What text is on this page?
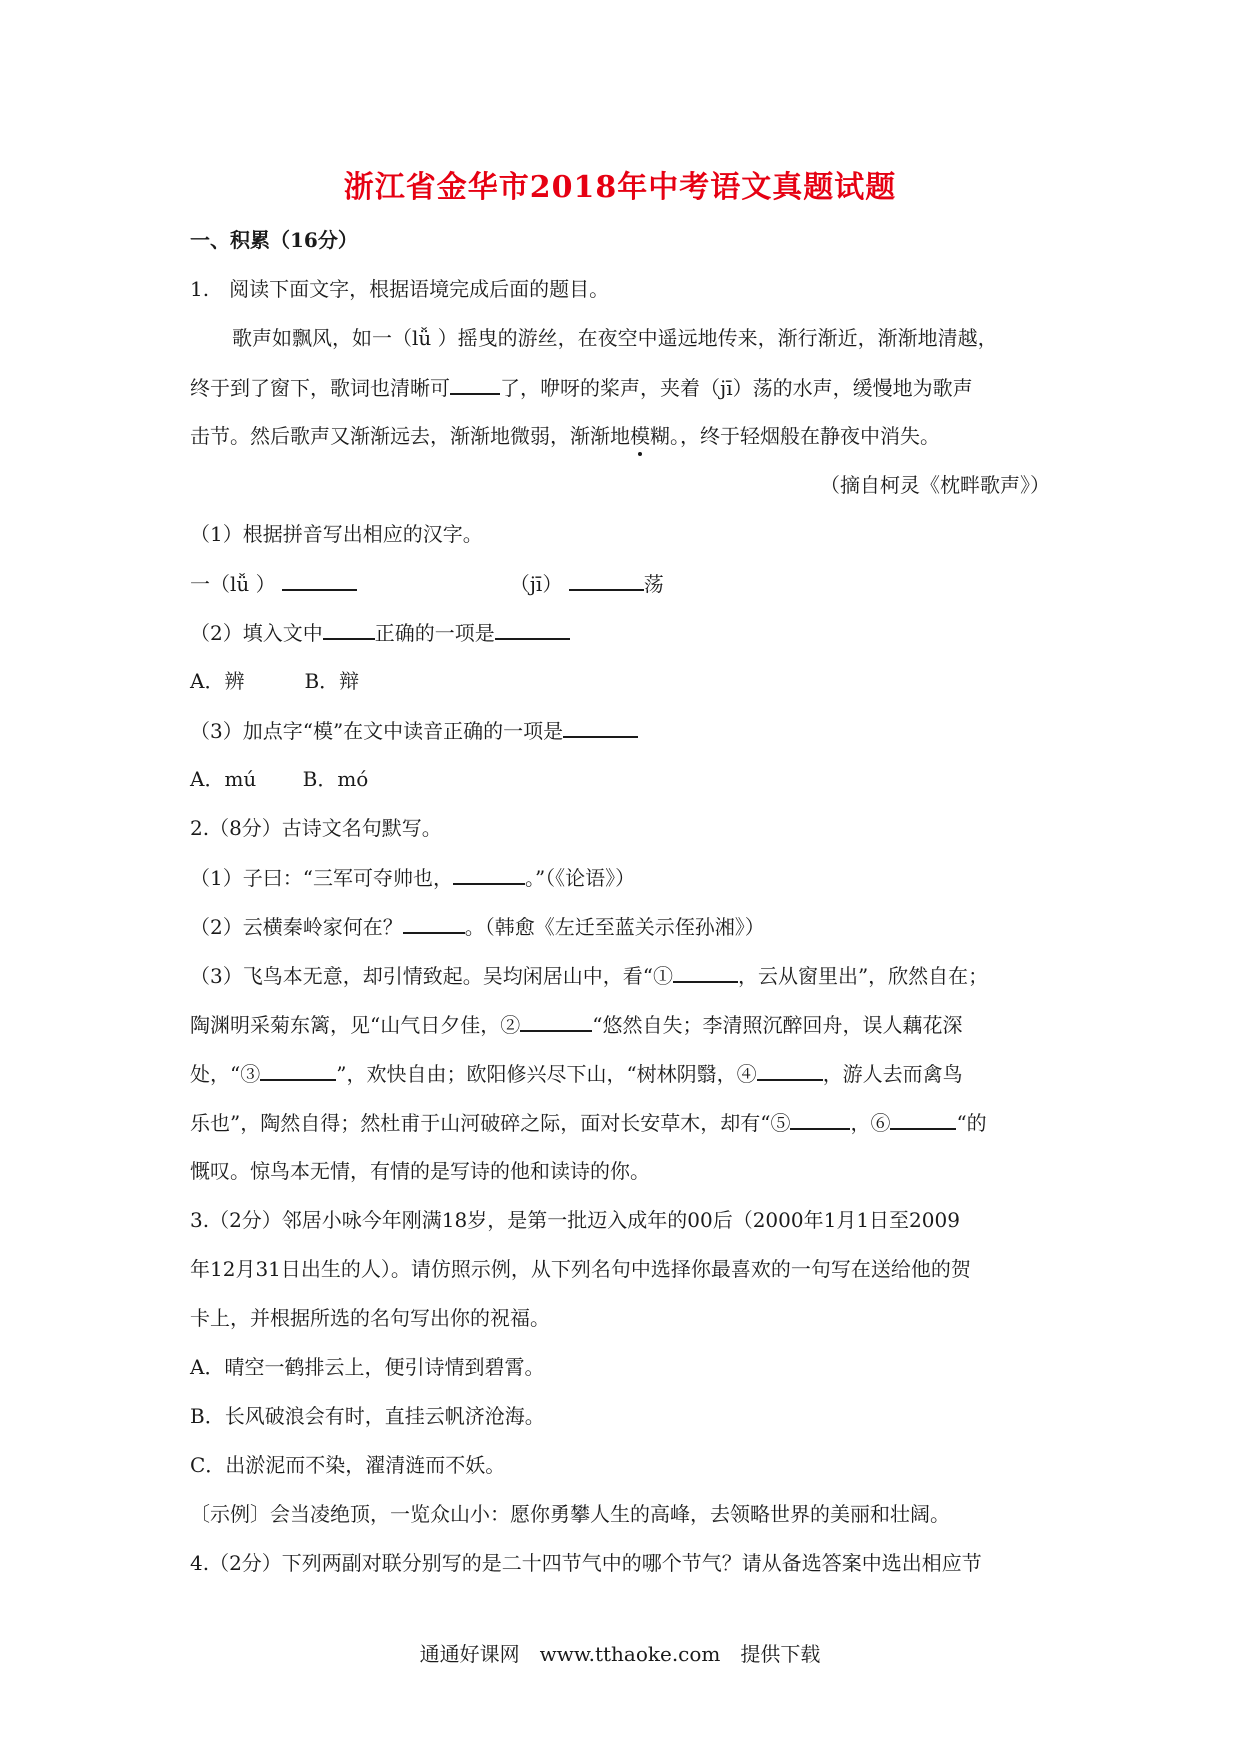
浙江省金华市2018年中考语文真题试题
一、积累（16分）
1.　阅读下面文字，根据语境完成后面的题目。
歌声如飘风，如一（lǚ ）摇曳的游丝，在夜空中遥远地传来，渐行渐近，渐渐地清越，
终于到了窗下，歌词也清晰可	了，咿呀的桨声，夹着（jī）荡的水声，缓慢地为歌声
击节。然后歌声又渐渐远去，渐渐地微弱，渐渐地模糊。，终于轻烟般在静夜中消失。
（摘自柯灵《枕畔歌声》）
（1）根据拼音写出相应的汉字。
一（lǚ ）	（jī）	荡
（2）填入文中	正确的一项是
A．辨　　　B．辩
（3）加点字“模”在文中读音正确的一项是
A．mú　　 B．mó
2.（8分）古诗文名句默写。
（1）子曰：“三军可夺帅也，	。”（《论语》）
（2）云横秦岭家何在？	。（韩愈《左迁至蓝关示侄孙湘》）
（3）飞鸟本无意，却引情致起。吴均闲居山中，看“①	，云从窗里出”，欣然自在；
陶渊明采菊东篱，见“山气日夕佳，②	“悠然自失；李清照沉醉回舟，误人藕花深
处，“③	”，欢快自由；欧阳修兴尽下山，“树林阴翳，④	，游人去而禽鸟
乐也”，陶然自得；然杜甫于山河破碎之际，面对长安草木，却有“⑤	，⑥	“的
慨叹。惊鸟本无情，有情的是写诗的他和读诗的你。
3.（2分）邻居小咏今年刚满18岁，是第一批迈入成年的00后（2000年1月1日至2009
年12月31日出生的人）。请仿照示例，从下列名句中选择你最喜欢的一句写在送给他的贺
卡上，并根据所选的名句写出你的祝福。
A．晴空一鹤排云上，便引诗情到碧霄。
B．长风破浪会有时，直挂云帆济沧海。
C．出淤泥而不染，濯清涟而不妖。
〔示例〕会当凌绝顶，一览众山小：愿你勇攀人生的高峰，去领略世界的美丽和壮阔。
4.（2分）下列两副对联分别写的是二十四节气中的哪个节气？请从备选答案中选出相应节
通通好课网　www.tthaoke.com　提供下载
